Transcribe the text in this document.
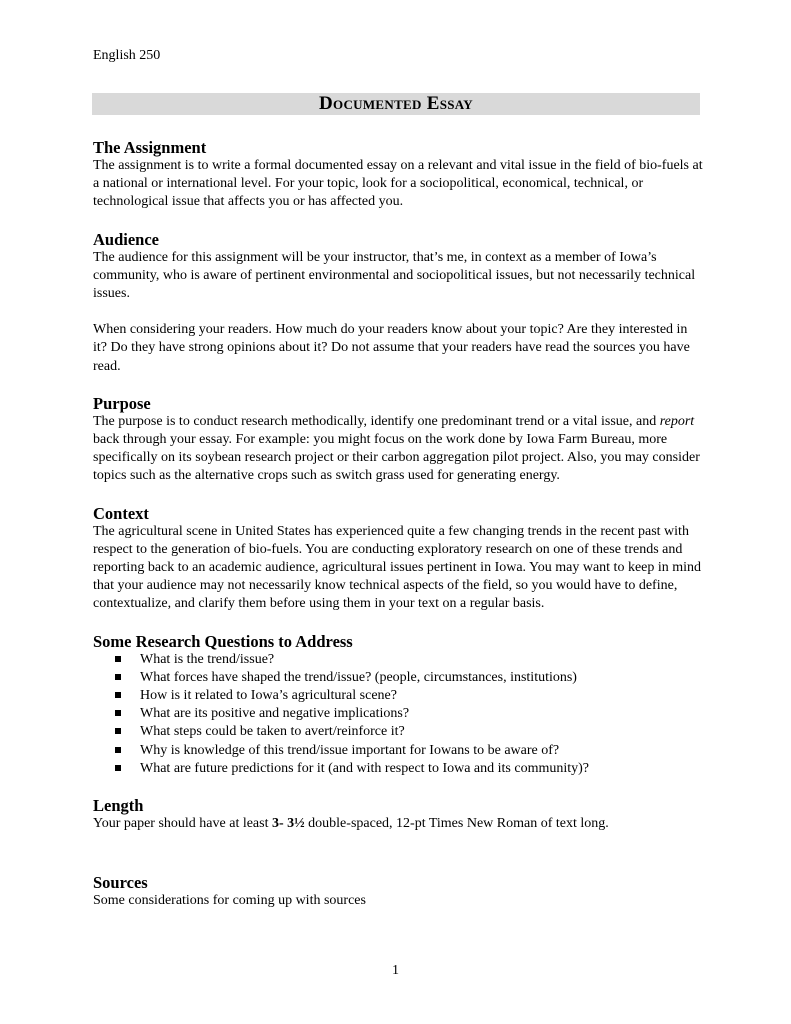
English 250
Documented Essay
The Assignment

The assignment is to write a formal documented essay on a relevant and vital issue in the field of bio-fuels at a national or international level. For your topic, look for a sociopolitical, economical, technical, or technological issue that affects you or has affected you.

Audience

The audience for this assignment will be your instructor, that’s me, in context as a member of Iowa’s community, who is aware of pertinent environmental and sociopolitical issues, but not necessarily technical issues.

When considering your readers. How much do your readers know about your topic? Are they interested in it? Do they have strong opinions about it? Do not assume that your readers have read the sources you have read.

Purpose

The purpose is to conduct research methodically, identify one predominant trend or a vital issue, and report back through your essay. For example: you might focus on the work done by Iowa Farm Bureau, more specifically on its soybean research project or their carbon aggregation pilot project. Also, you may consider topics such as the alternative crops such as switch grass used for generating energy.

Context

The agricultural scene in United States has experienced quite a few changing trends in the recent past with respect to the generation of bio-fuels. You are conducting exploratory research on one of these trends and reporting back to an academic audience, agricultural issues pertinent in Iowa. You may want to keep in mind that your audience may not necessarily know technical aspects of the field, so you would have to define, contextualize, and clarify them before using them in your text on a regular basis.

Some Research Questions to Address
What is the trend/issue?
What forces have shaped the trend/issue? (people, circumstances, institutions)
How is it related to Iowa’s agricultural scene?
What are its positive and negative implications?
What steps could be taken to avert/reinforce it?
Why is knowledge of this trend/issue important for Iowans to be aware of?
What are future predictions for it (and with respect to Iowa and its community)?
Length

Your paper should have at least 3- 3½ double-spaced, 12-pt Times New Roman of text long.

Sources

Some considerations for coming up with sources

1
